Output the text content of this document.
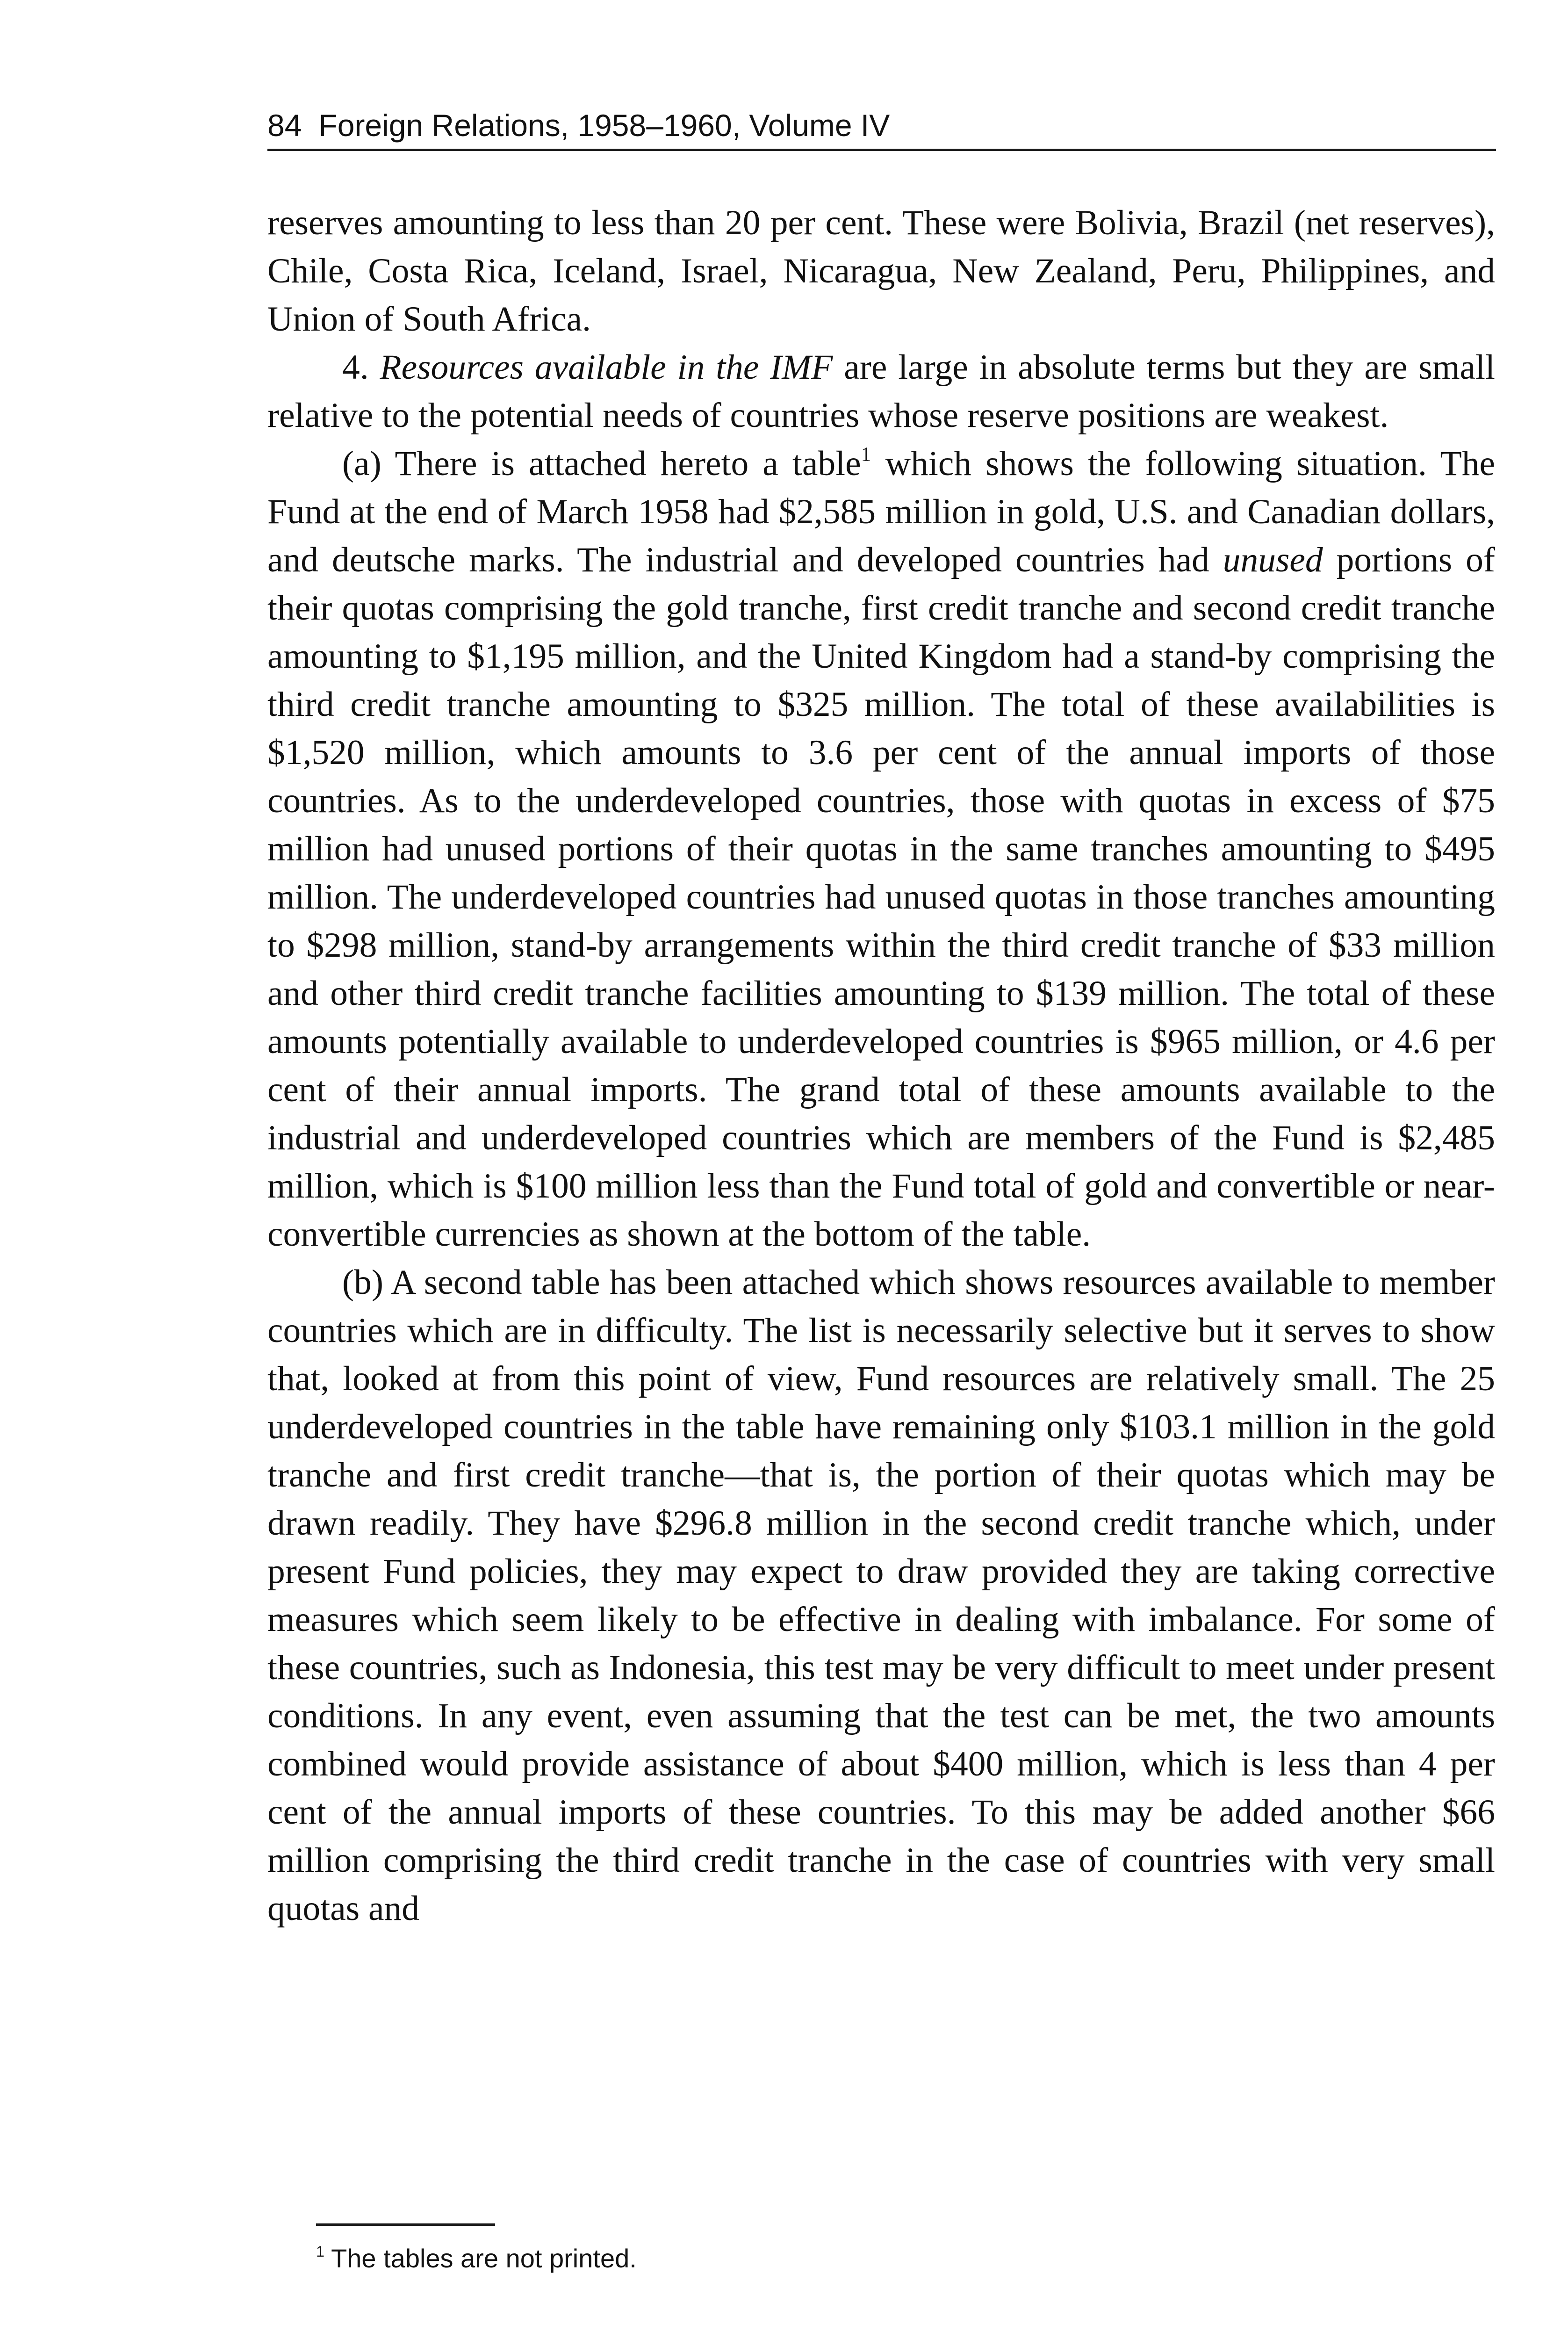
84 Foreign Relations, 1958–1960, Volume IV

reserves amounting to less than 20 per cent. These were Bolivia, Brazil (net reserves), Chile, Costa Rica, Iceland, Israel, Nicaragua, New Zealand, Peru, Philippines, and Union of South Africa.

4. Resources available in the IMF are large in absolute terms but they are small relative to the potential needs of countries whose reserve positions are weakest.

(a) There is attached hereto a table$^1$ which shows the following situation. The Fund at the end of March 1958 had $2,585 million in gold, U.S. and Canadian dollars, and deutsche marks. The industrial and developed countries had unused portions of their quotas comprising the gold tranche, first credit tranche and second credit tranche amounting to $1,195 million, and the United Kingdom had a stand-by comprising the third credit tranche amounting to $325 million. The total of these availabilities is $1,520 million, which amounts to 3.6 per cent of the annual imports of those countries. As to the underdeveloped countries, those with quotas in excess of $75 million had unused portions of their quotas in the same tranches amounting to $495 million. The underdeveloped countries had unused quotas in those tranches amounting to $298 million, stand-by arrangements within the third credit tranche of $33 million and other third credit tranche facilities amounting to $139 million. The total of these amounts potentially available to underdeveloped countries is $965 million, or 4.6 per cent of their annual imports. The grand total of these amounts available to the industrial and underdeveloped countries which are members of the Fund is $2,485 million, which is $100 million less than the Fund total of gold and convertible or near-convertible currencies as shown at the bottom of the table.

(b) A second table has been attached which shows resources available to member countries which are in difficulty. The list is necessarily selective but it serves to show that, looked at from this point of view, Fund resources are relatively small. The 25 underdeveloped countries in the table have remaining only $103.1 million in the gold tranche and first credit tranche—that is, the portion of their quotas which may be drawn readily. They have $296.8 million in the second credit tranche which, under present Fund policies, they may expect to draw provided they are taking corrective measures which seem likely to be effective in dealing with imbalance. For some of these countries, such as Indonesia, this test may be very difficult to meet under present conditions. In any event, even assuming that the test can be met, the two amounts combined would provide assistance of about $400 million, which is less than 4 per cent of the annual imports of these countries. To this may be added another $66 million comprising the third credit tranche in the case of countries with very small quotas and

$^1$ The tables are not printed.
